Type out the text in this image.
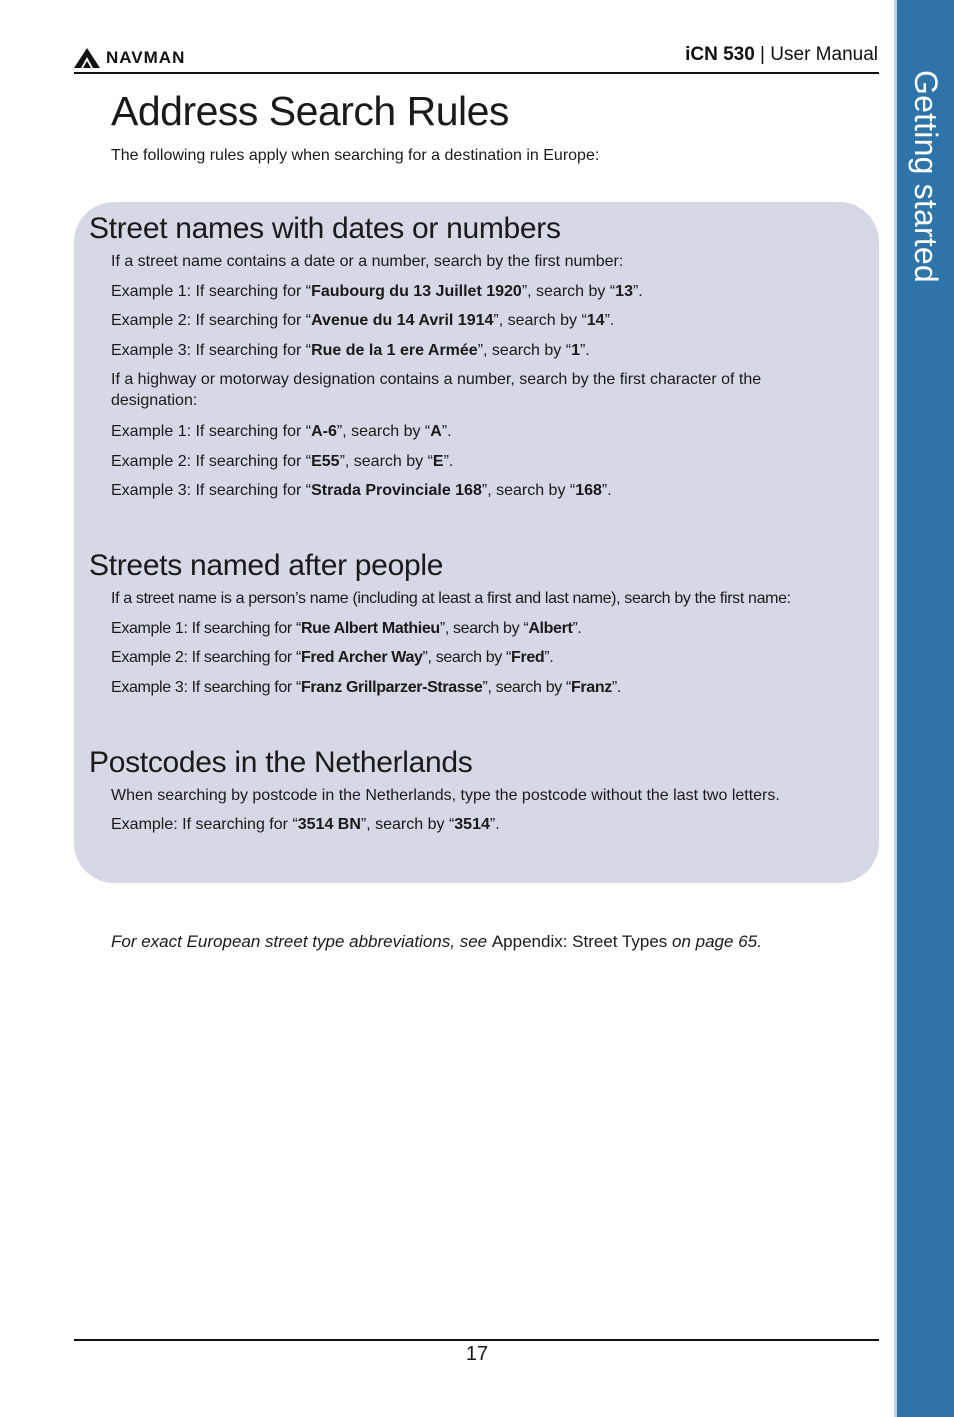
NAVMAN	iCN 530 | User Manual
Address Search Rules

The following rules apply when searching for a destination in Europe:

Street names with dates or numbers

If a street name contains a date or a number, search by the first number:

Example 1: If searching for “Faubourg du 13 Juillet 1920”, search by “13”.

Example 2: If searching for “Avenue du 14 Avril 1914”, search by “14”.

Example 3: If searching for “Rue de la 1 ere Armée”, search by “1”.

If a highway or motorway designation contains a number, search by the first character of the designation:

Example 1: If searching for “A-6”, search by “A”.

Example 2: If searching for “E55”, search by “E”.

Example 3: If searching for “Strada Provinciale 168”, search by “168”.

Streets named after people

If a street name is a person’s name (including at least a first and last name), search by the first name:

Example 1: If searching for “Rue Albert Mathieu”, search by “Albert”.

Example 2: If searching for “Fred Archer Way”, search by “Fred”.

Example 3: If searching for “Franz Grillparzer-Strasse”, search by “Franz”.

Postcodes in the Netherlands

When searching by postcode in the Netherlands, type the postcode without the last two letters.

Example: If searching for “3514 BN”, search by “3514”.

For exact European street type abbreviations, see Appendix: Street Types on page 65.

17
Getting started
